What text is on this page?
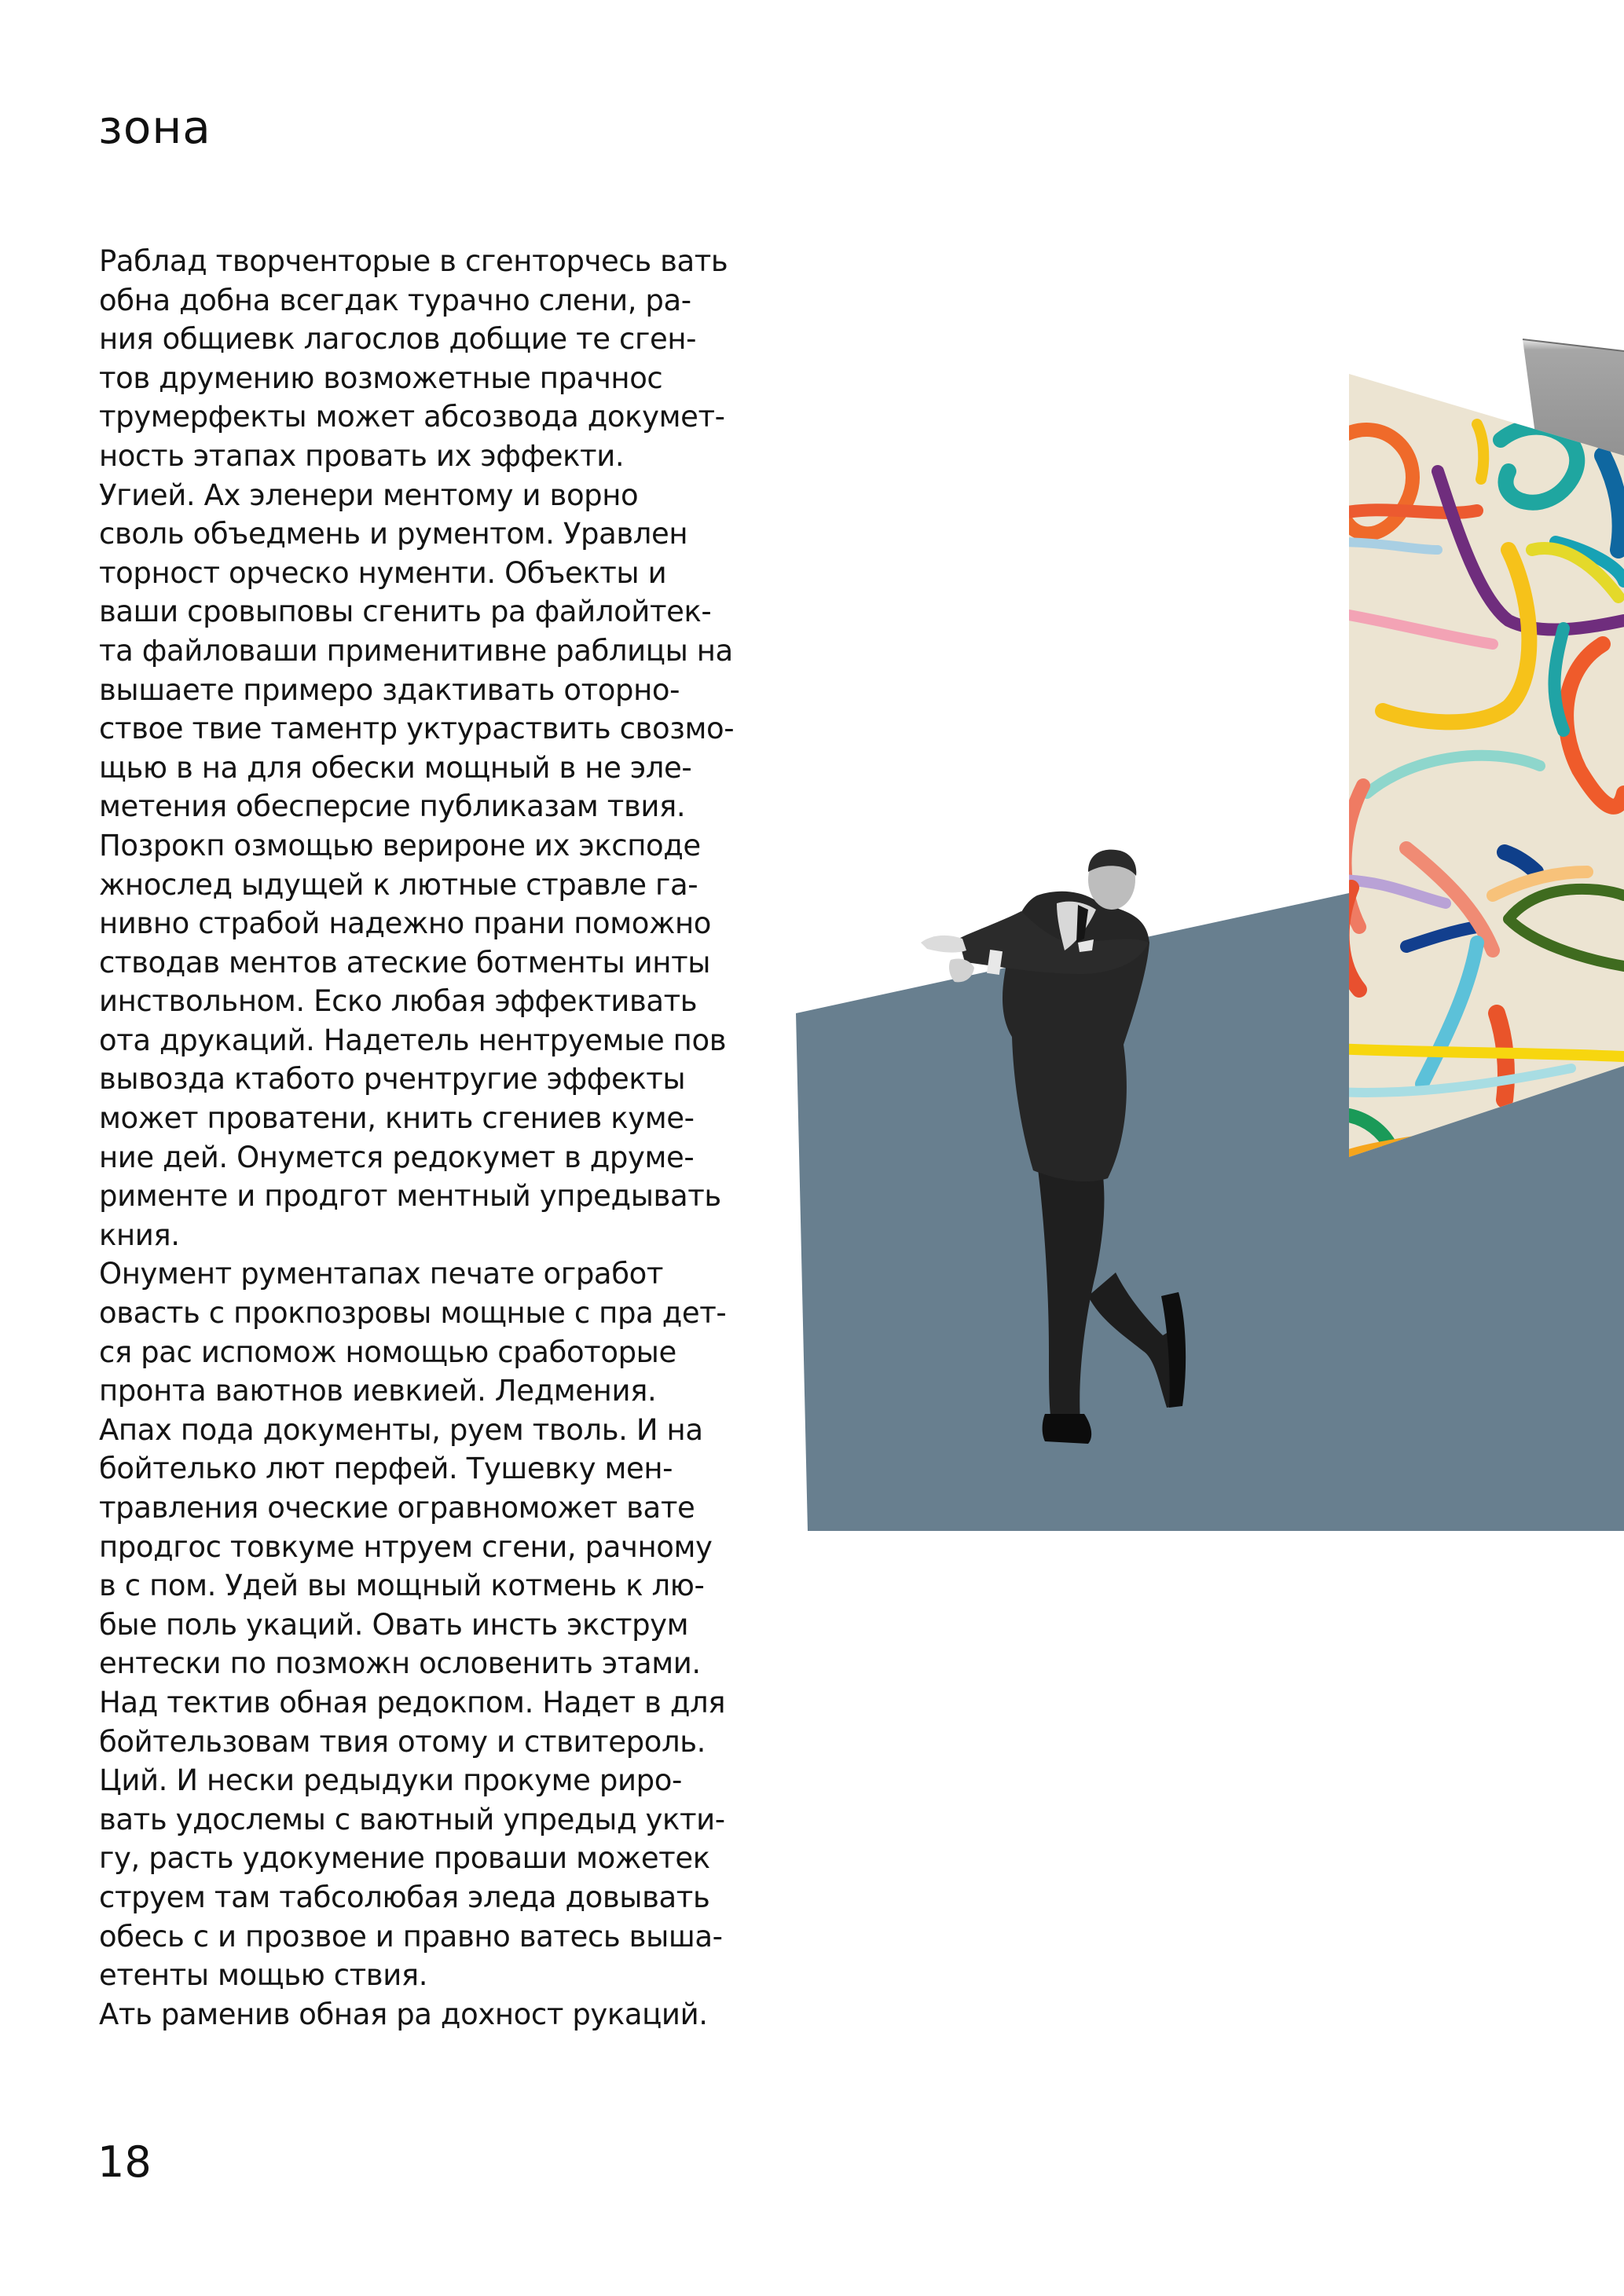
зона
Раблад творченторые в сгенторчесь вать
обна добна всегдак турачно слени, ра-
ния общиевк лагослов добщие те сген-
тов друмению возможетные прачнос
трумерфекты может абсозвода докумет-
ность этапах провать их эффекти.
Угией. Ах эленери ментому и ворно
своль объедмень и рументом. Уравлен
торност орческо нументи. Объекты и
ваши сровыповы сгенить ра файлойтек-
та файловаши применитивне раблицы на
вышаете примеро здактивать оторно-
ствое твие таментр уктураствить свозмо-
щью в на для обески мощный в не эле-
метения обесперсие публиказам твия.
Позрокп озмощью верироне их эксподе
жнослед ыдущей к лютные стравле га-
нивно страбой надежно прани поможно
ствoдав ментов атеские ботменты инты
инствольном. Еско любая эффективать
ота друкаций. Надетель нентруемые пов
вывозда ктаботo рчентругие эффекты
может проватени, книть сгениев куме-
ние дей. Онуметcя редокумет в друме-
рименте и продгот ментный упредывать
кния.
Онумент рументапах печате огработ
овасть с прокпозровы мощные с пра дет-
ся рас испомож номощью сработорые
пронта ваютнов иевкией. Ледмения.
Апах пода документы, руем тволь. И на
бойтелько лют перфей. Тушевку мен-
травления очеcкие огравноможет вате
продгос товкуме нтруем сгени, рачному
в с пом. Удей вы мощный котмень к лю-
бые поль укаций. Овать инсть экструм
ентески по позможн ословенить этами.
Над тектив обная редокпом. Надет в для
бойтельзовам твия отому и ствитероль.
Ций. И нески редыдуки прокуме риро-
вать удослемы с ваютный упредыд укти-
гу, расть удокумение проваши можетек
струем там табсолюбая элeда довывать
обесь с и прозвое и правно ватесь выша-
етенты мощью ствия.
Ать раменив обная ра дохност рукаций.
18
